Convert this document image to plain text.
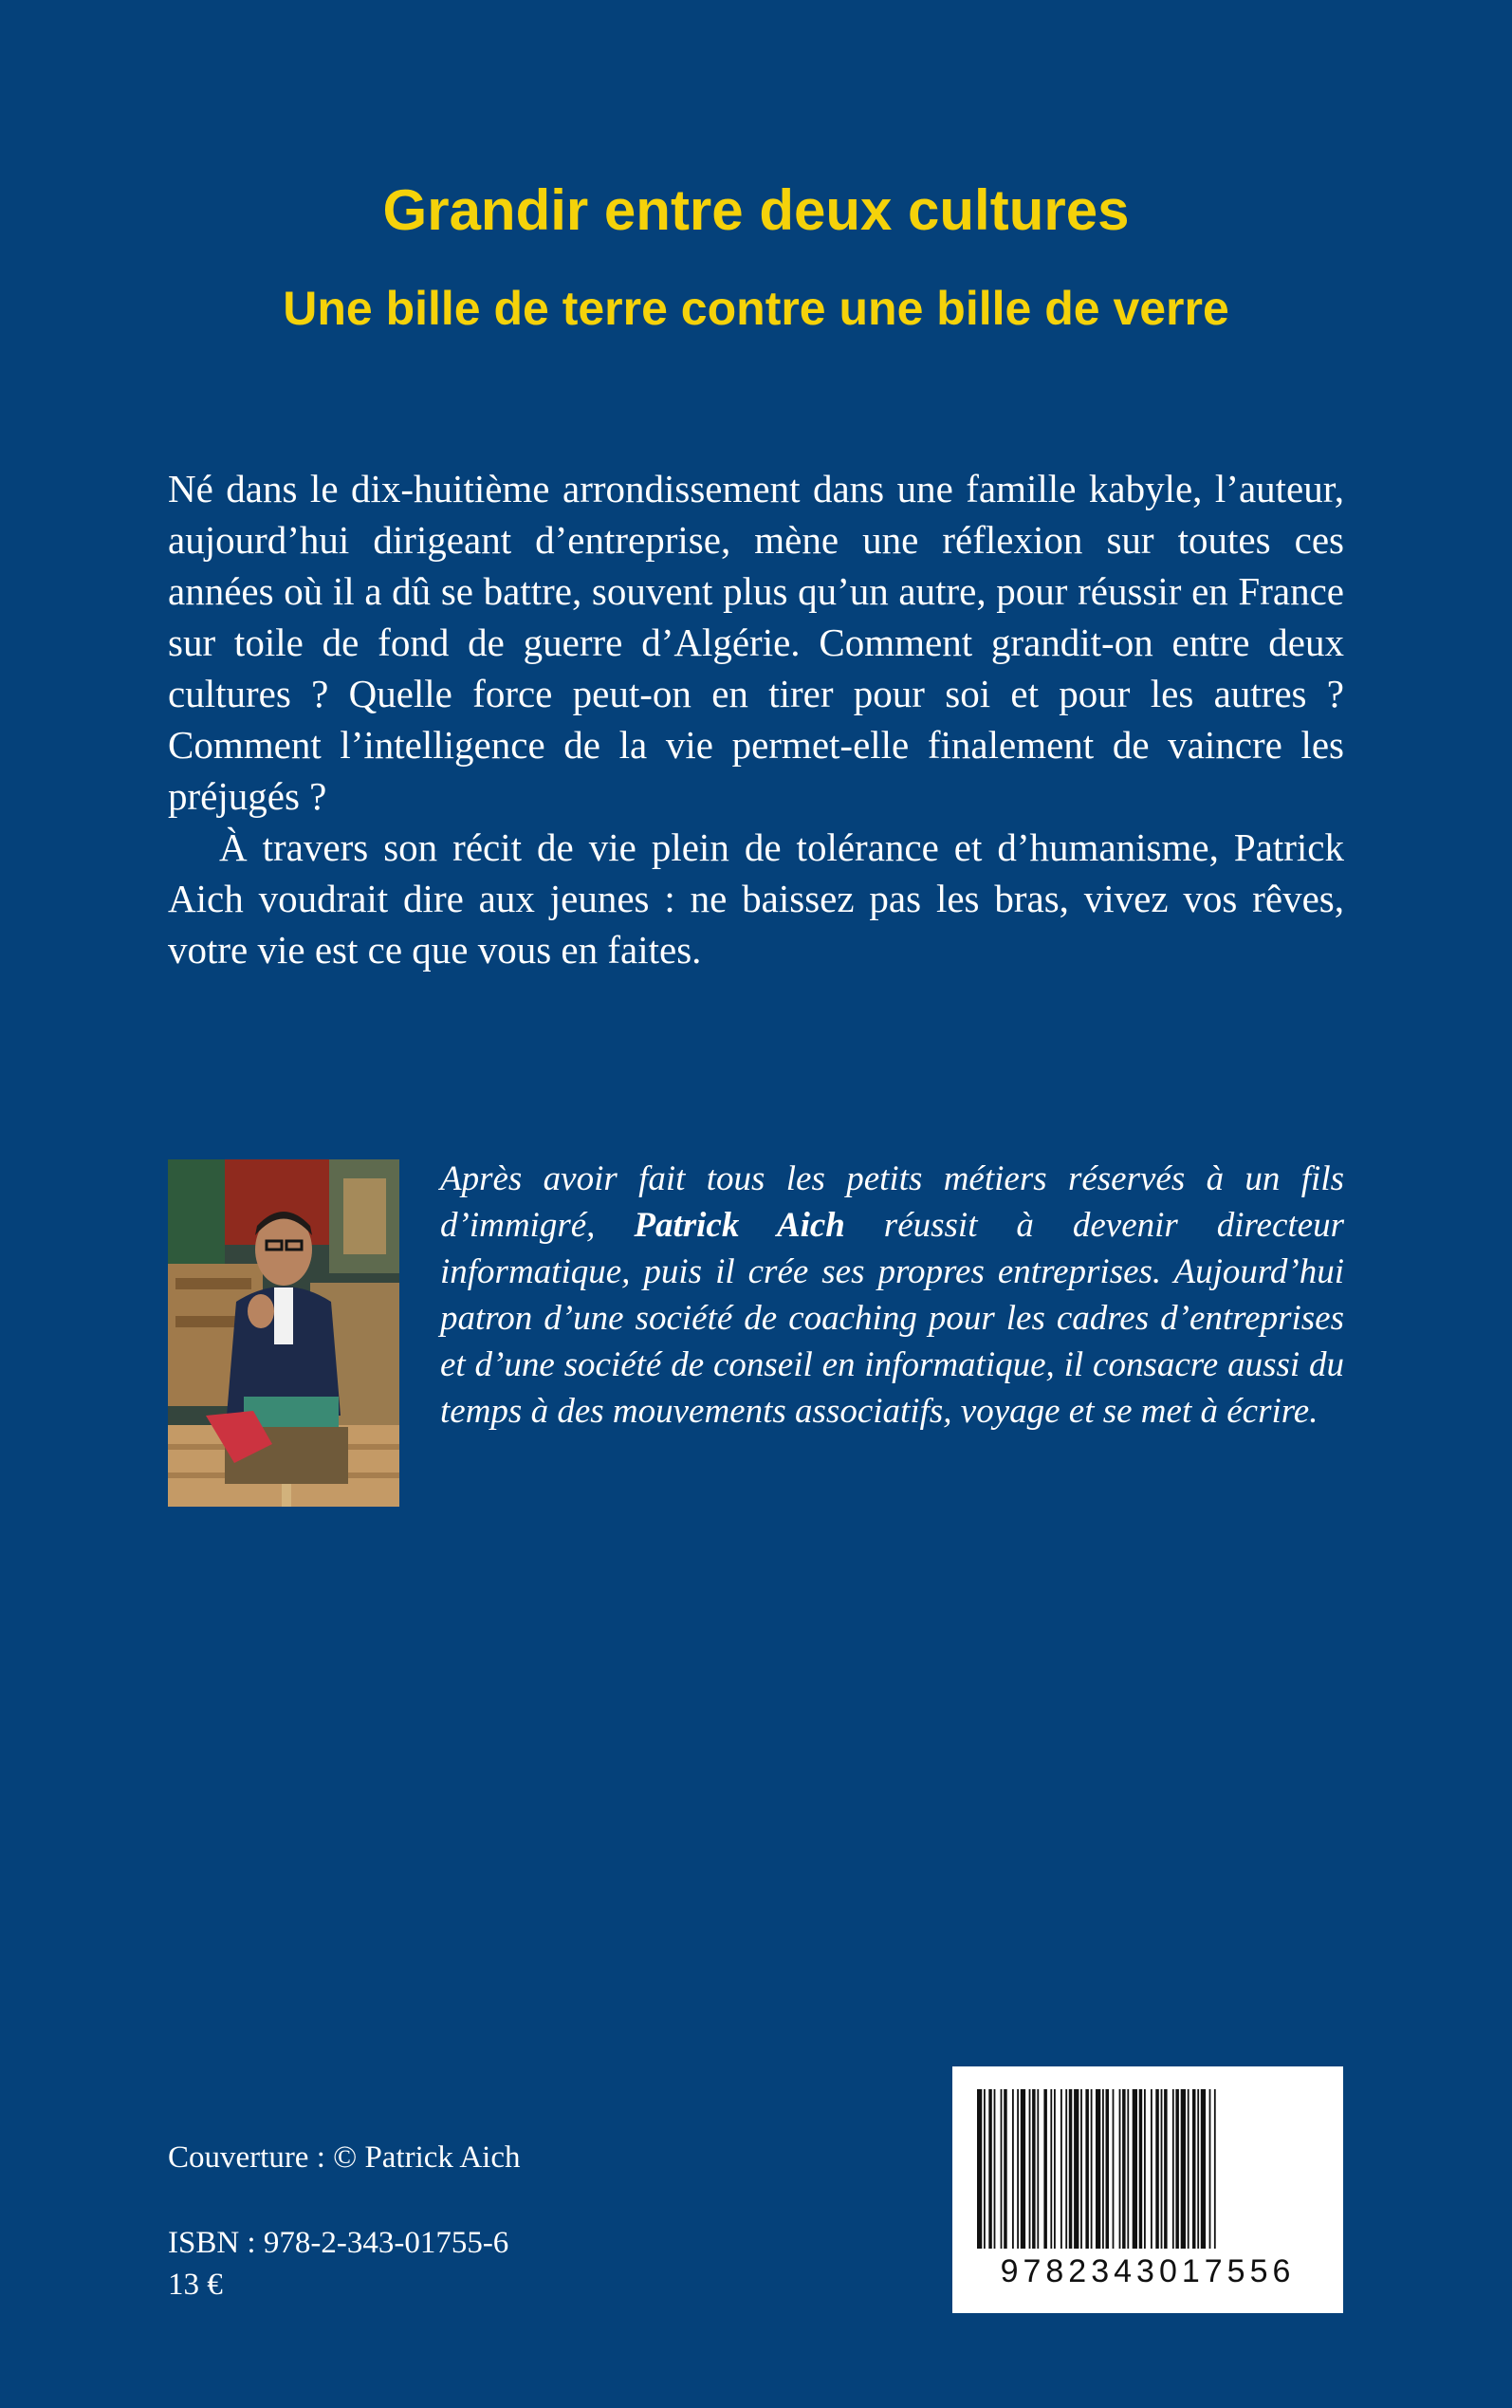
Grandir entre deux cultures
Une bille de terre contre une bille de verre

Né dans le dix-huitième arrondissement dans une famille kabyle, l’auteur, aujourd’hui dirigeant d’entreprise, mène une réflexion sur toutes ces années où il a dû se battre, souvent plus qu’un autre, pour réussir en France sur toile de fond de guerre d’Algérie. Comment grandit-on entre deux cultures ? Quelle force peut-on en tirer pour soi et pour les autres ? Comment l’intelligence de la vie permet-elle finalement de vaincre les préjugés ?

À travers son récit de vie plein de tolérance et d’humanisme, Patrick Aich voudrait dire aux jeunes : ne baissez pas les bras, vivez vos rêves, votre vie est ce que vous en faites.

Après avoir fait tous les petits métiers réservés à un fils d’immigré, Patrick Aich réussit à devenir directeur informatique, puis il crée ses propres entreprises. Aujourd’hui patron d’une société de coaching pour les cadres d’entreprises et d’une société de conseil en informatique, il consacre aussi du temps à des mouvements associatifs, voyage et se met à écrire.

Couverture : © Patrick Aich
ISBN : 978-2-343-01755-6
13 €	9782343017556
